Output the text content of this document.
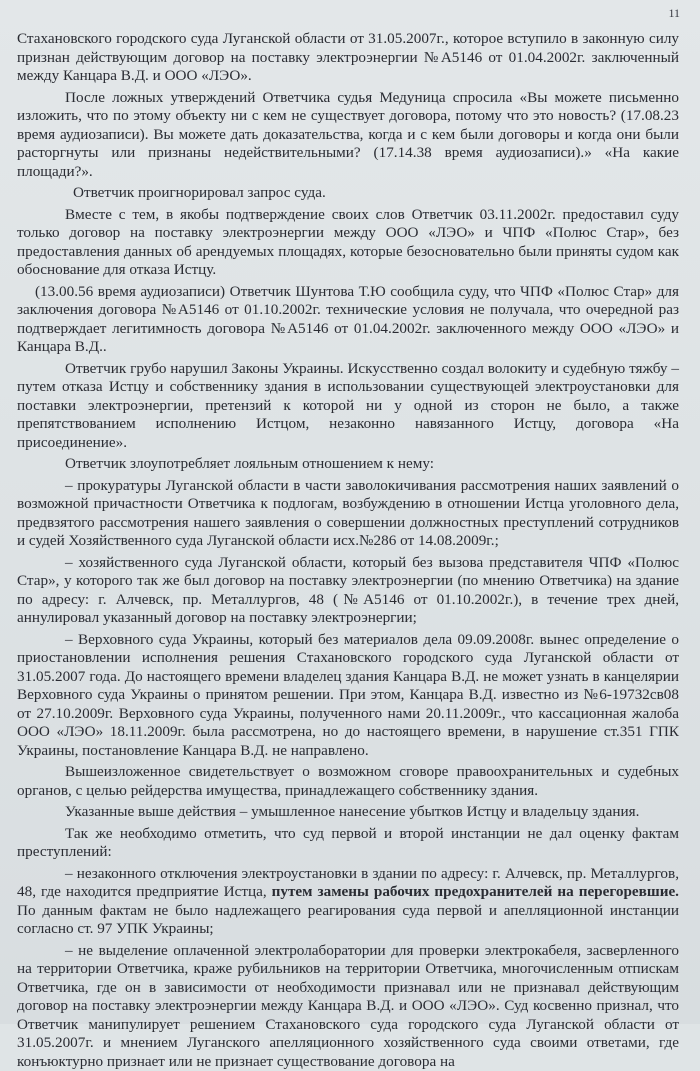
11

Стахановского городского суда Луганской области от 31.05.2007г., которое вступило в законную силу признан действующим договор на поставку электроэнергии №А5146 от 01.04.2002г. заключенный между Канцара В.Д. и ООО «ЛЭО».

После ложных утверждений Ответчика судья Медуница спросила «Вы можете письменно изложить, что по этому объекту ни с кем не существует договора, потому что это новость? (17.08.23 время аудиозаписи). Вы можете дать доказательства, когда и с кем были договоры и когда они были расторгнуты или признаны недействительными? (17.14.38 время аудиозаписи).» «На какие площади?».

Ответчик проигнорировал запрос суда.

Вместе с тем, в якобы подтверждение своих слов Ответчик 03.11.2002г. предоставил суду только договор на поставку электроэнергии между ООО «ЛЭО» и ЧПФ «Полюс Стар», без предоставления данных об арендуемых площадях, которые безосновательно были приняты судом как обоснование для отказа Истцу.

(13.00.56 время аудиозаписи) Ответчик Шунтова Т.Ю сообщила суду, что ЧПФ «Полюс Стар» для заключения договора №А5146 от 01.10.2002г. технические условия не получала, что очередной раз подтверждает легитимность договора №А5146 от 01.04.2002г. заключенного между ООО «ЛЭО» и Канцара В.Д..

Ответчик грубо нарушил Законы Украины. Искусственно создал волокиту и судебную тяжбу – путем отказа Истцу и собственнику здания в использовании существующей электроустановки для поставки электроэнергии, претензий к которой ни у одной из сторон не было, а также препятствованием исполнению Истцом, незаконно навязанного Истцу, договора «На присоединение».

Ответчик злоупотребляет лояльным отношением к нему:

– прокуратуры Луганской области в части заволокичивания рассмотрения наших заявлений о возможной причастности Ответчика к подлогам, возбуждению в отношении Истца уголовного дела, предвзятого рассмотрения нашего заявления о совершении должностных преступлений сотрудников и судей Хозяйственного суда Луганской области исх.№286 от 14.08.2009г.;

– хозяйственного суда Луганской области, который без вызова представителя ЧПФ «Полюс Стар», у которого так же был договор на поставку электроэнергии (по мнению Ответчика) на здание по адресу: г. Алчевск, пр. Металлургов, 48 (№А5146 от 01.10.2002г.), в течение трех дней, аннулировал указанный договор на поставку электроэнергии;

– Верховного суда Украины, который без материалов дела 09.09.2008г. вынес определение о приостановлении исполнения решения Стахановского городского суда Луганской области от 31.05.2007 года. До настоящего времени владелец здания Канцара В.Д. не может узнать в канцелярии Верховного суда Украины о принятом решении. При этом, Канцара В.Д. известно из №6-19732св08 от 27.10.2009г. Верховного суда Украины, полученного нами 20.11.2009г., что кассационная жалоба ООО «ЛЭО» 18.11.2009г. была рассмотрена, но до настоящего времени, в нарушение ст.351 ГПК Украины, постановление Канцара В.Д. не направлено.

Вышеизложенное свидетельствует о возможном сговоре правоохранительных и судебных органов, с целью рейдерства имущества, принадлежащего собственнику здания.

Указанные выше действия – умышленное нанесение убытков Истцу и владельцу здания.

Так же необходимо отметить, что суд первой и второй инстанции не дал оценку фактам преступлений:

– незаконного отключения электроустановки в здании по адресу: г. Алчевск, пр. Металлургов, 48, где находится предприятие Истца, путем замены рабочих предохранителей на перегоревшие. По данным фактам не было надлежащего реагирования суда первой и апелляционной инстанции согласно ст. 97 УПК Украины;

– не выделение оплаченной электролаборатории для проверки электрокабеля, засверленного на территории Ответчика, краже рубильников на территории Ответчика, многочисленным отпискам Ответчика, где он в зависимости от необходимости признавал или не признавал действующим договор на поставку электроэнергии между Канцара В.Д. и ООО «ЛЭО». Суд косвенно признал, что Ответчик манипулирует решением Стахановского суда городского суда Луганской области от 31.05.2007г. и мнением Луганского апелляционного хозяйственного суда своими ответами, где конъюктурно признает или не признает существование договора на
